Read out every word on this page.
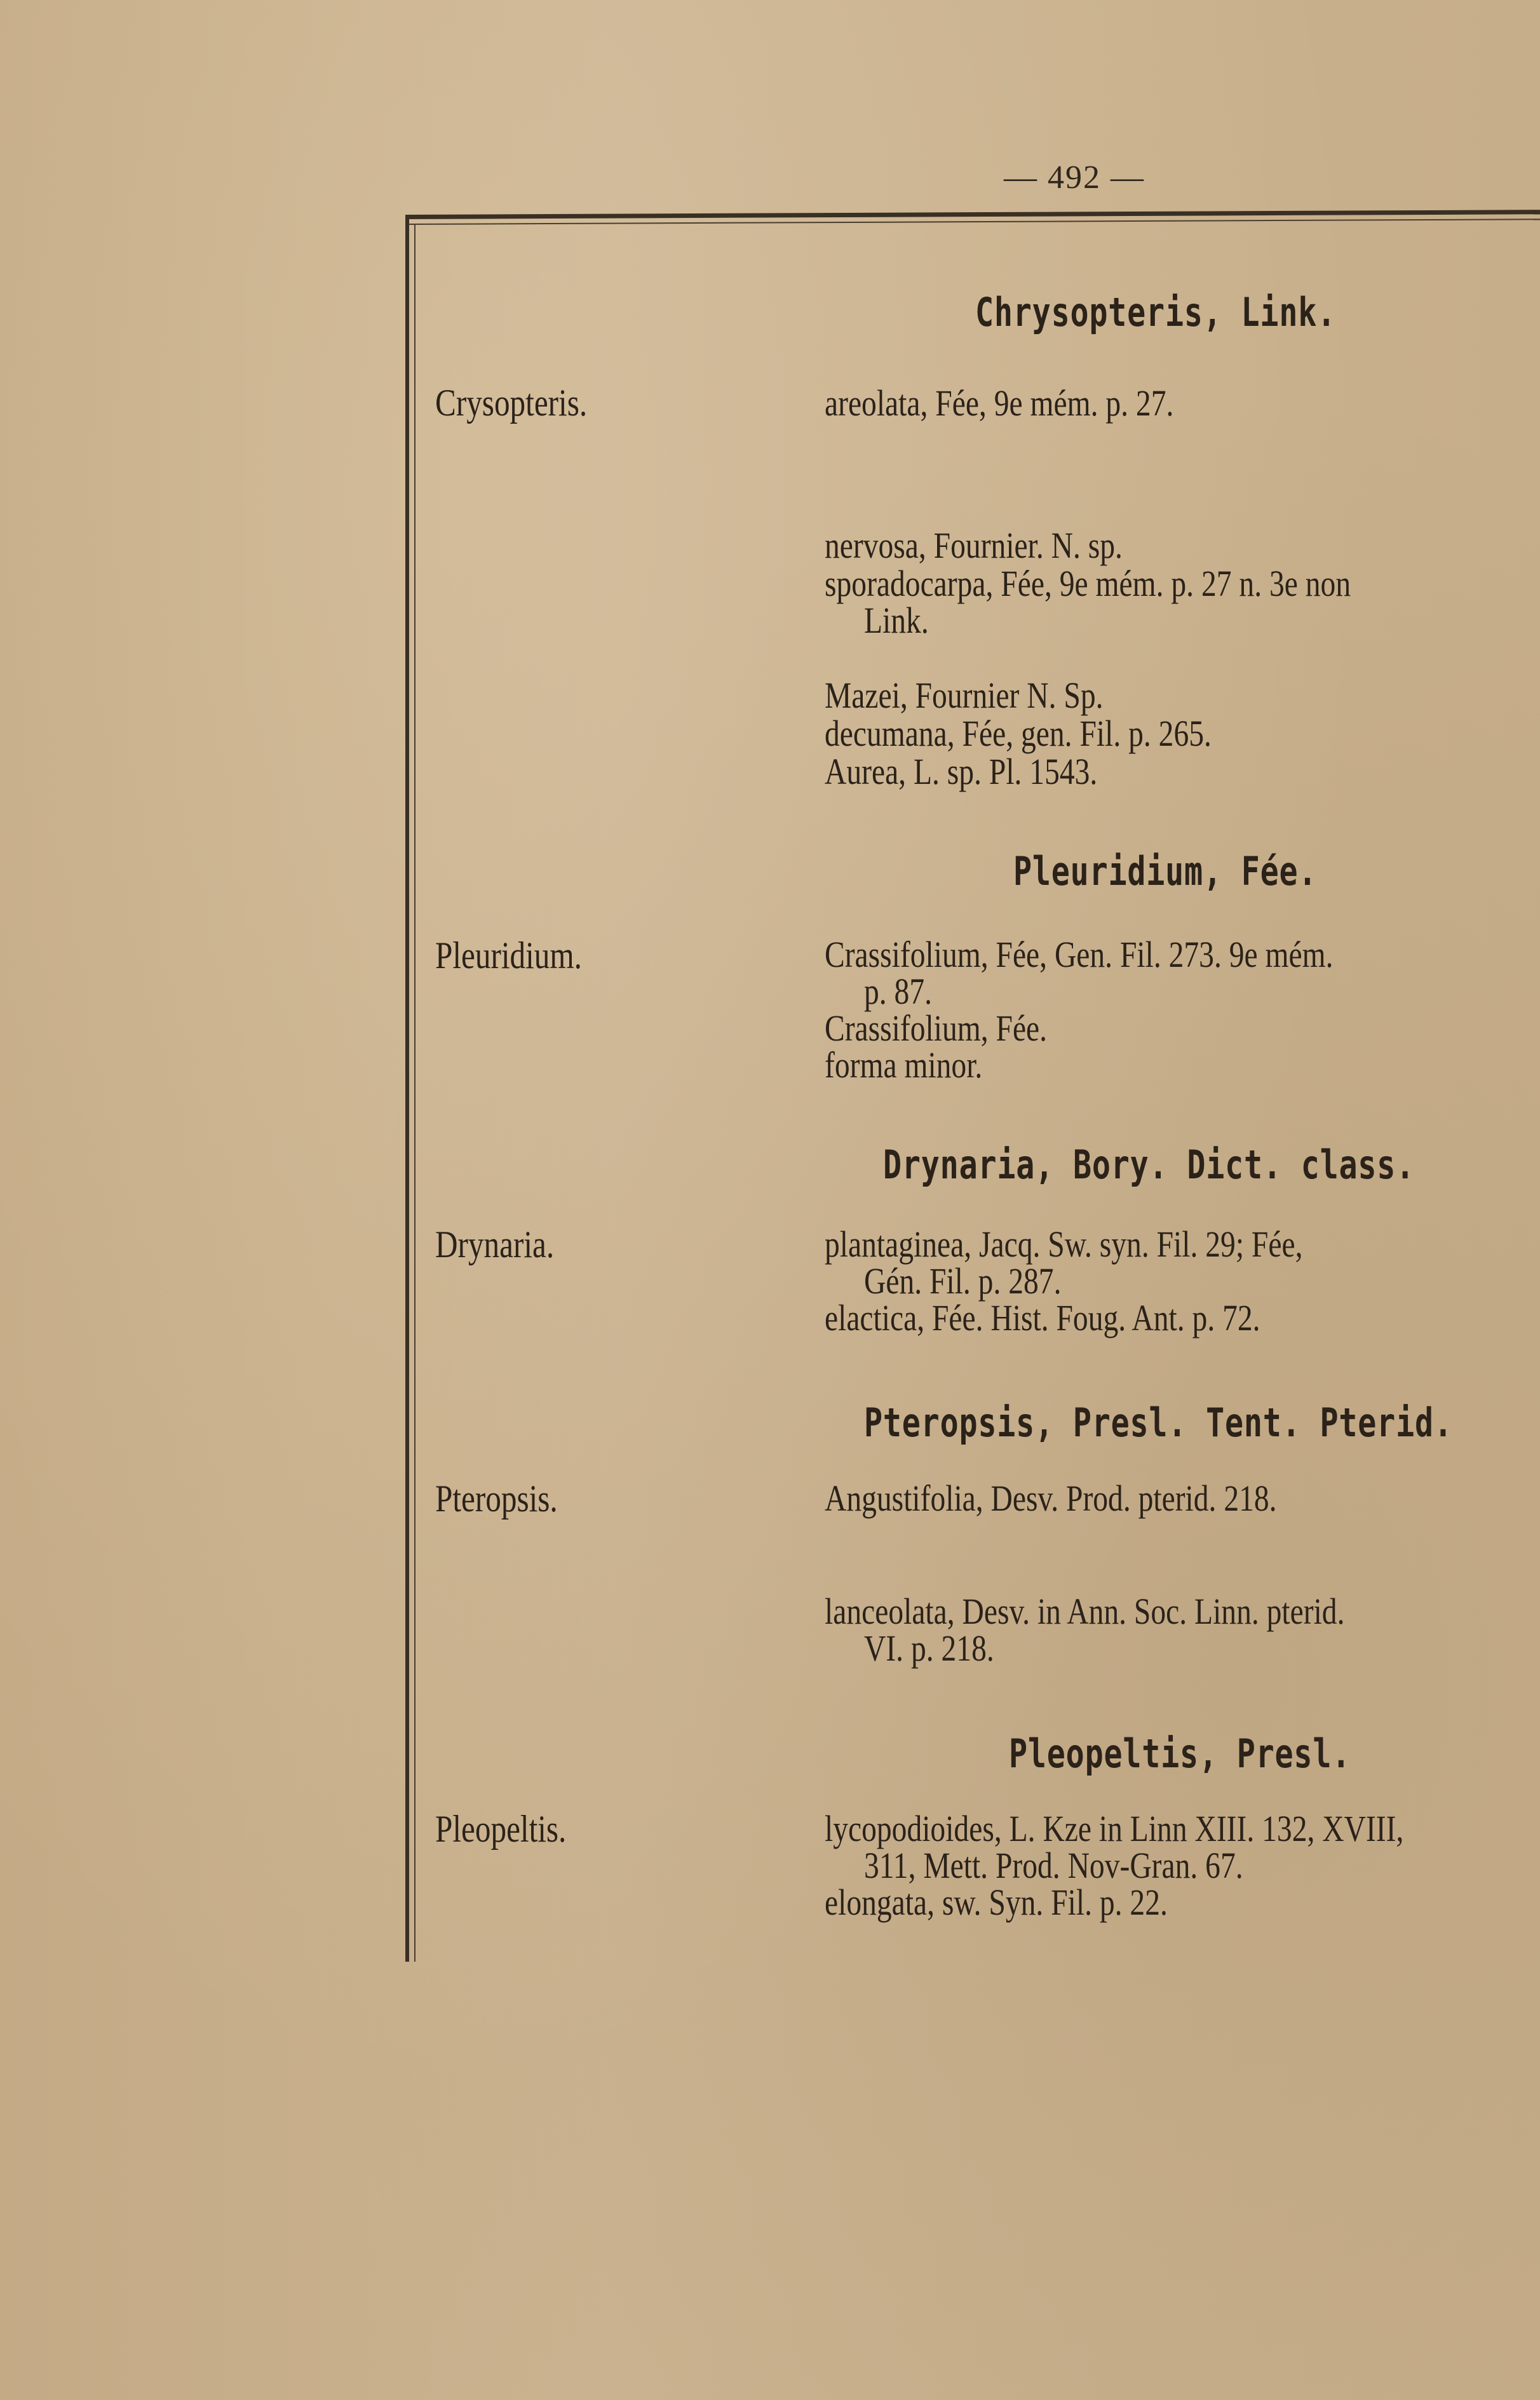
— 492 —
Chrysopteris, Link.
Crysopteris.	areolata, Fée, 9e mém. p. 27.
nervosa, Fournier. N. sp.
sporadocarpa, Fée, 9e mém. p. 27 n. 3e non
Link.
Mazei, Fournier N. Sp.
decumana, Fée, gen. Fil. p. 265.
Aurea, L. sp. Pl. 1543.
Pleuridium, Fée.
Pleuridium.	Crassifolium, Fée, Gen. Fil. 273. 9e mém.
p. 87.
Crassifolium, Fée.
forma minor.
Drynaria, Bory. Dict. class.
Drynaria.	plantaginea, Jacq. Sw. syn. Fil. 29; Fée,
Gén. Fil. p. 287.
elactica, Fée. Hist. Foug. Ant. p. 72.
Pteropsis, Presl. Tent. Pterid.
Pteropsis.	Angustifolia, Desv. Prod. pterid. 218.
lanceolata, Desv. in Ann. Soc. Linn. pterid.
VI. p. 218.
Pleopeltis, Presl.
Pleopeltis.	lycopodioides, L. Kze in Linn XIII. 132, XVIII,
311, Mett. Prod. Nov-Gran. 67.
elongata, sw. Syn. Fil. p. 22.
